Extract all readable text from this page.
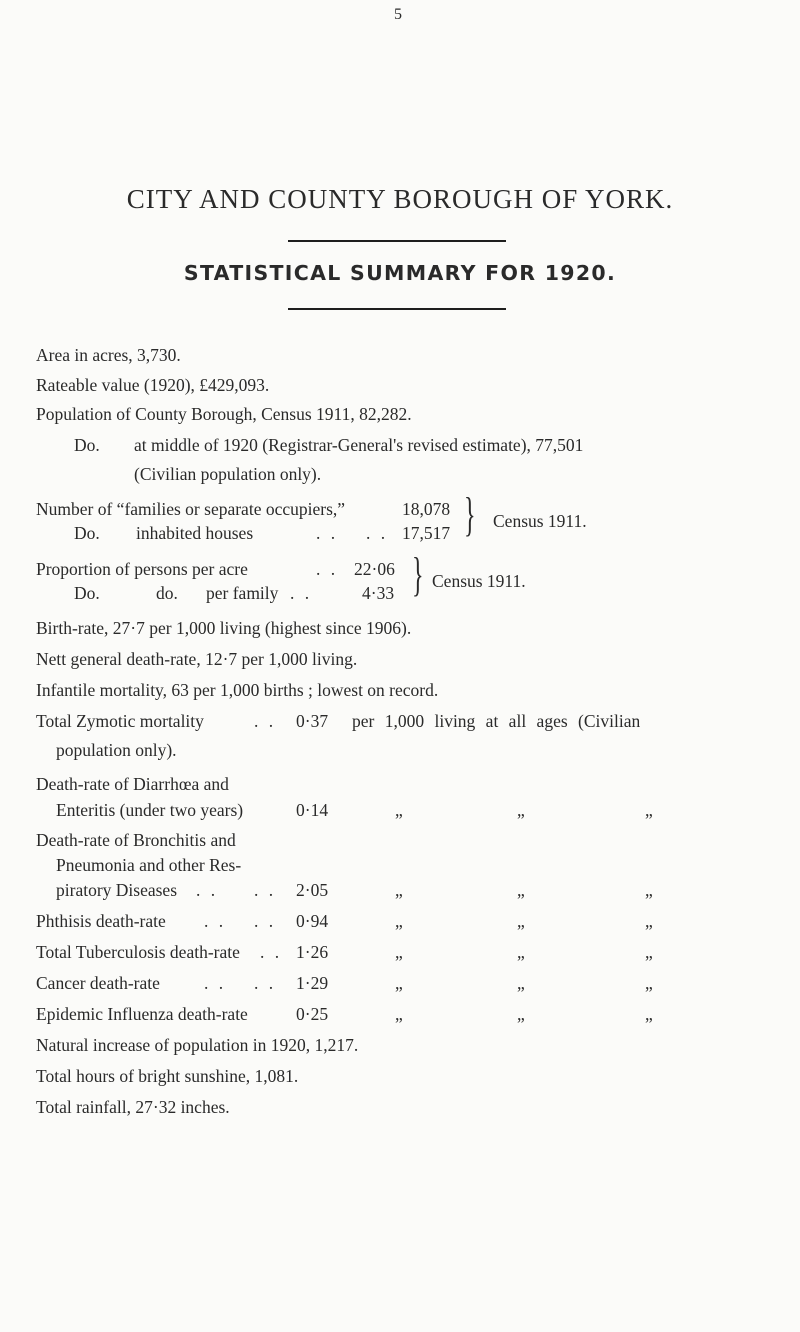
5
CITY AND COUNTY BOROUGH OF YORK.
STATISTICAL SUMMARY FOR 1920.
Area in acres, 3,730.
Rateable value (1920), £429,093.
Population of County Borough, Census 1911, 82,282.
Do. at middle of 1920 (Registrar-General's revised estimate), 77,501
(Civilian population only).
Number of “families or separate occupiers,”	18,078
Do. inhabited houses	. . . . 17,517 } Census 1911.
Proportion of persons per acre	. . 22·06
Do.	do. per family . .	4·33 } Census 1911.
Birth-rate, 27·7 per 1,000 living (highest since 1906).
Nett general death-rate, 12·7 per 1,000 living.
Infantile mortality, 63 per 1,000 births ; lowest on record.
Total Zymotic mortality	. . 0·37 per 1,000 living at all ages (Civilian
population only).
Death-rate of Diarrhœa and
Enteritis (under two years)	0·14	„	„	„
Death-rate of Bronchitis and
Pneumonia and other Res-
piratory Diseases . . . . 2·05	„	„	„
Phthisis death-rate . . . . 0·94	„	„	„
Total Tuberculosis death-rate . . 1·26	„	„	„
Cancer death-rate	. . . . 1·29	„	„	„
Epidemic Influenza death-rate	0·25	„	„	„
Natural increase of population in 1920, 1,217.
Total hours of bright sunshine, 1,081.
Total rainfall, 27·32 inches.
